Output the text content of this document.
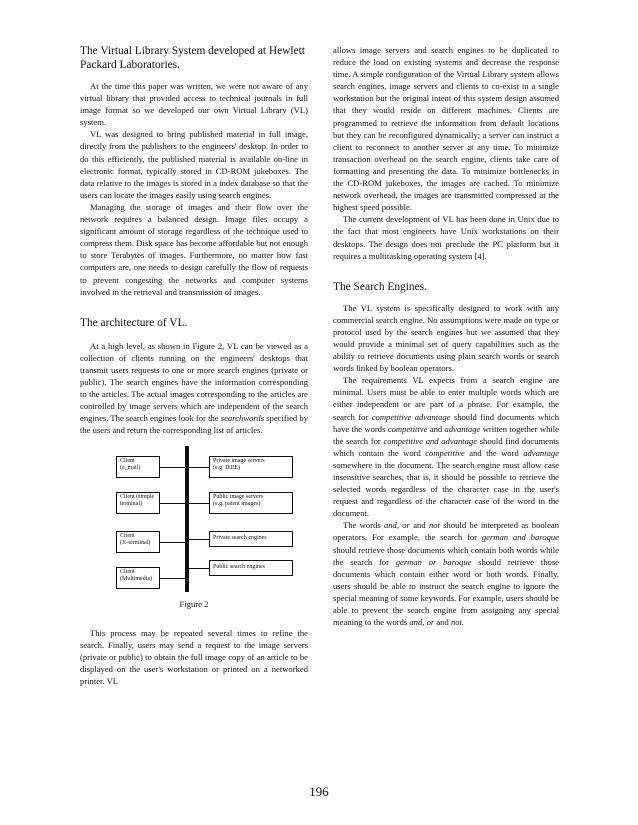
The Virtual Library System developed at Hewlett Packard Laboratories.

At the time this paper was written, we were not aware of any virtual library that provided access to technical journals in full image format so we developed our own Virtual Library (VL) system.

VL was designed to bring published material in full image, directly from the publishers to the engineers' desktop. In order to do this efficiently, the published material is available on-line in electronic format, typically stored in CD-ROM jukeboxes. The data relative to the images is stored in a index database so that the users can locate the images easily using search engines.

Managing the storage of images and their flow over the network requires a balanced design. Image files occupy a significant amount of storage regardless of the technique used to compress them. Disk space has become affordable but not enough to store Terabytes of images. Furthermore, no matter how fast computers are, one needs to design carefully the flow of requests to prevent congesting the networks and computer systems involved in the retrieval and transmission of images.

The architecture of VL.

At a high level, as shown in Figure 2, VL can be viewed as a collection of clients running on the engineers' desktops that transmit users requests to one or more search engines (private or public). The search engines have the information corresponding to the articles. The actual images corresponding to the articles are controlled by image servers which are independent of the search engines. The search engines look for the searchwords specified by the users and return the corresponding list of articles.

Client
(e_mail)
Client (simple
terminal)
Client
(X-terminal)
Client
(Multimedia)
Private image servers
(e.g. IEEE)
Public image servers
(e.g. patent images)
Private search engines
Public search engines
Figure 2

This process may be repeated several times to refine the search. Finally, users may send a request to the image servers (private or public) to obtain the full image copy of an article to be displayed on the user's workstation or printed on a networked printer. VL

allows image servers and search engines to be duplicated to reduce the load on existing systems and decrease the response time. A simple configuration of the Virtual Library system allows search engines, image servers and clients to co-exist in a single workstation but the original intent of this system design assumed that they would reside on different machines. Clients are programmed to retrieve the information from default locations but they can be reconfigured dynamically; a server can instruct a client to reconnect to another server at any time. To minimize transaction overhead on the search engine, clients take care of formatting and presenting the data. To minimize bottlenecks in the CD-ROM jukeboxes, the images are cached. To minimize network overhead, the images are transmitted compressed at the highest speed possible.

The current development of VL has been done in Unix due to the fact that most engineers have Unix workstations on their desktops. The design does not preclude the PC platform but it requires a multitasking operating system [4].

The Search Engines.

The VL system is specifically designed to work with any commercial search engine. No assumptions were made on type or protocol used by the search engines but we assumed that they would provide a minimal set of query capabilities such as the ability to retrieve documents using plain search words or search words linked by boolean operators.

The requirements VL expects from a search engine are minimal. Users must be able to enter multiple words which are either independent or are part of a phrase. For example, the search for competitive advantage should find documents which have the words competitive and advantage written together while the search for competitive and advantage should find documents which contain the word competitive and the word advantage somewhere in the document. The search engine must allow case insensitive searches, that is, it should be possible to retrieve the selected words regardless of the character case in the user's request and regardless of the character case of the word in the document.

The words and, or and not should be interpreted as boolean operators. For example, the search for german and baroque should retrieve those documents which contain both words while the search for german or baroque should retrieve those documents which contain either word or both words. Finally, users should be able to instruct the search engine to ignore the special meaning of some keywords. For example, users should be able to prevent the search engine from assigning any special meaning to the words and, or and not.

196
